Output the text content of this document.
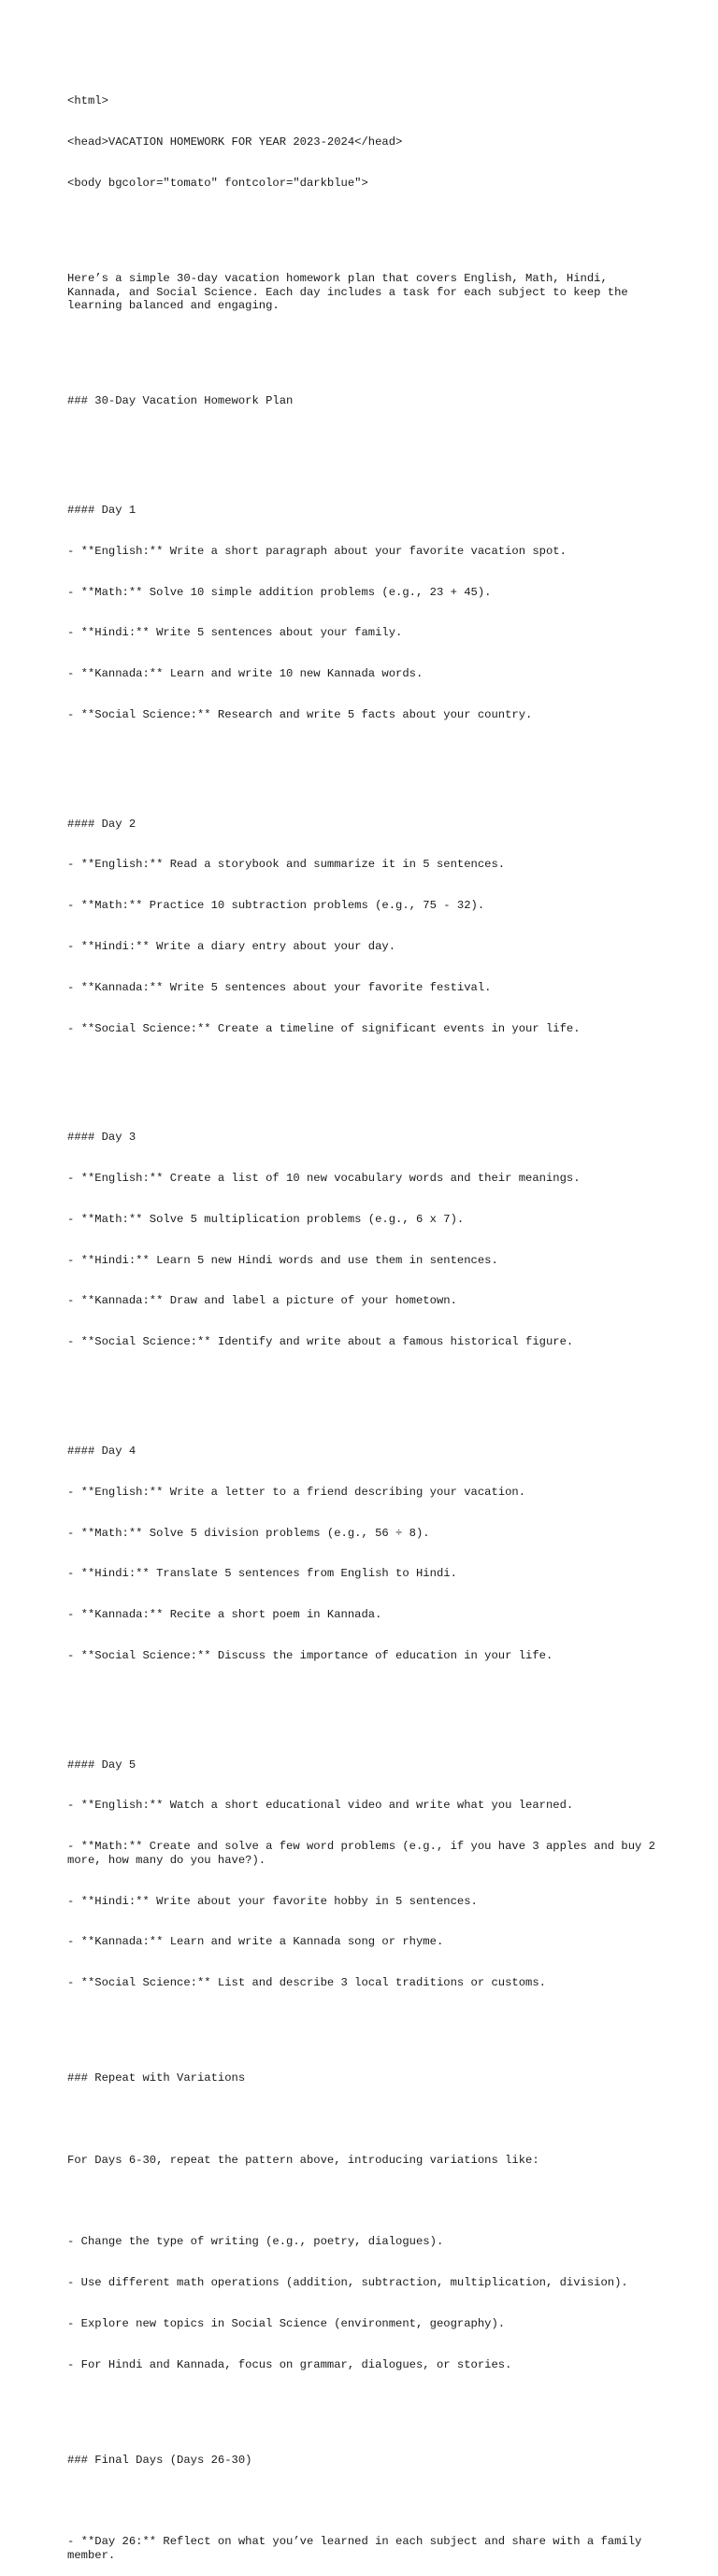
<html>

<head>VACATION HOMEWORK FOR YEAR 2023-2024</head>

<body bgcolor="tomato" fontcolor="darkblue">

Here’s a simple 30-day vacation homework plan that covers English, Math, Hindi, Kannada, and Social Science. Each day includes a task for each subject to keep the learning balanced and engaging.

### 30-Day Vacation Homework Plan

#### Day 1

- **English:** Write a short paragraph about your favorite vacation spot.

- **Math:** Solve 10 simple addition problems (e.g., 23 + 45).

- **Hindi:** Write 5 sentences about your family.

- **Kannada:** Learn and write 10 new Kannada words.

- **Social Science:** Research and write 5 facts about your country.

#### Day 2

- **English:** Read a storybook and summarize it in 5 sentences.

- **Math:** Practice 10 subtraction problems (e.g., 75 - 32).

- **Hindi:** Write a diary entry about your day.

- **Kannada:** Write 5 sentences about your favorite festival.

- **Social Science:** Create a timeline of significant events in your life.

#### Day 3

- **English:** Create a list of 10 new vocabulary words and their meanings.

- **Math:** Solve 5 multiplication problems (e.g., 6 x 7).

- **Hindi:** Learn 5 new Hindi words and use them in sentences.

- **Kannada:** Draw and label a picture of your hometown.

- **Social Science:** Identify and write about a famous historical figure.

#### Day 4

- **English:** Write a letter to a friend describing your vacation.

- **Math:** Solve 5 division problems (e.g., 56 ÷ 8).

- **Hindi:** Translate 5 sentences from English to Hindi.

- **Kannada:** Recite a short poem in Kannada.

- **Social Science:** Discuss the importance of education in your life.

#### Day 5

- **English:** Watch a short educational video and write what you learned.

- **Math:** Create and solve a few word problems (e.g., if you have 3 apples and buy 2 more, how many do you have?).

- **Hindi:** Write about your favorite hobby in 5 sentences.

- **Kannada:** Learn and write a Kannada song or rhyme.

- **Social Science:** List and describe 3 local traditions or customs.

### Repeat with Variations

For Days 6-30, repeat the pattern above, introducing variations like:

- Change the type of writing (e.g., poetry, dialogues).

- Use different math operations (addition, subtraction, multiplication, division).

- Explore new topics in Social Science (environment, geography).

- For Hindi and Kannada, focus on grammar, dialogues, or stories.

### Final Days (Days 26-30)

- **Day 26:** Reflect on what you’ve learned in each subject and share with a family member.
